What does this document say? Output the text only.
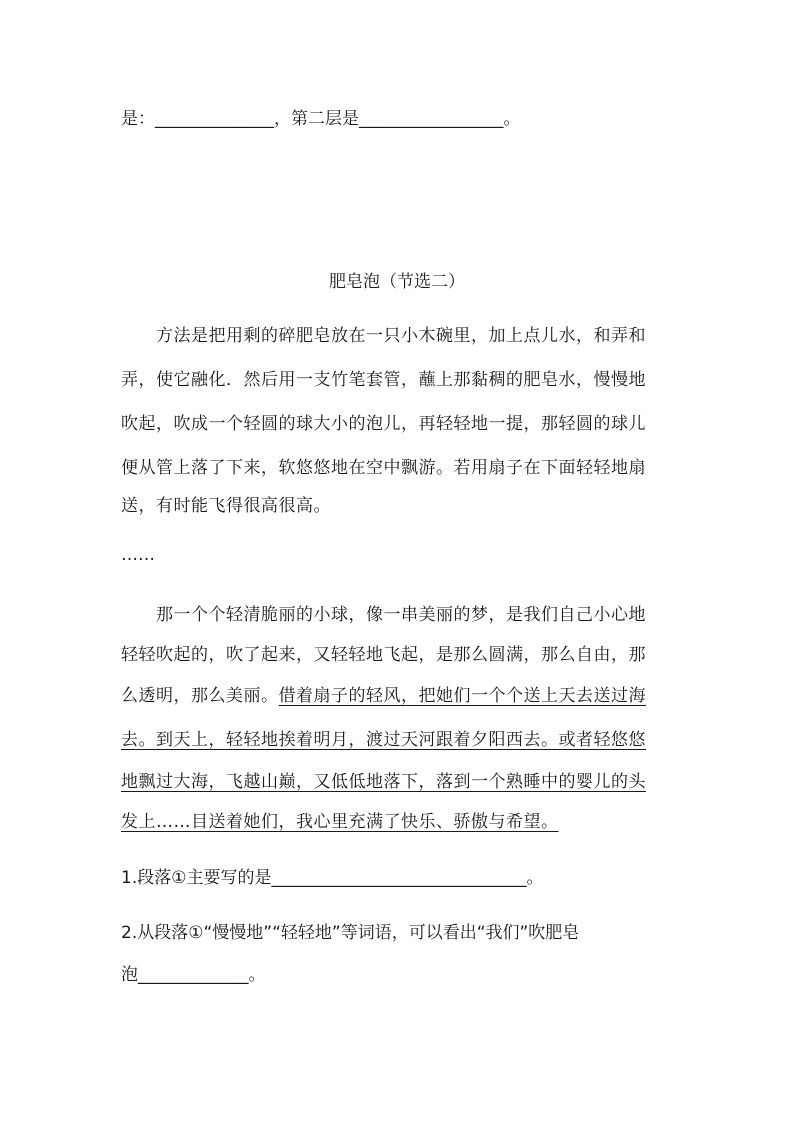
是：______________，第二层是_________________。
肥皂泡（节选二）
　　方法是把用剩的碎肥皂放在一只小木碗里，加上点儿水，和弄和
弄，使它融化．然后用一支竹笔套管，蘸上那黏稠的肥皂水，慢慢地
吹起，吹成一个轻圆的球大小的泡儿，再轻轻地一提，那轻圆的球儿
便从管上落了下来，软悠悠地在空中飘游。若用扇子在下面轻轻地扇
送，有时能飞得很高很高。
……
　　那一个个轻清脆丽的小球，像一串美丽的梦，是我们自己小心地
轻轻吹起的，吹了起来，又轻轻地飞起，是那么圆满，那么自由，那
么透明，那么美丽。借着扇子的轻风，把她们一个个送上天去送过海
去。到天上，轻轻地挨着明月，渡过天河跟着夕阳西去。或者轻悠悠
地飘过大海，飞越山巅，又低低地落下，落到一个熟睡中的婴儿的头
发上……目送着她们，我心里充满了快乐、骄傲与希望。
1.段落①主要写的是______________________________。
2.从段落①“慢慢地”“轻轻地”等词语，可以看出“我们”吹肥皂
泡_____________。
